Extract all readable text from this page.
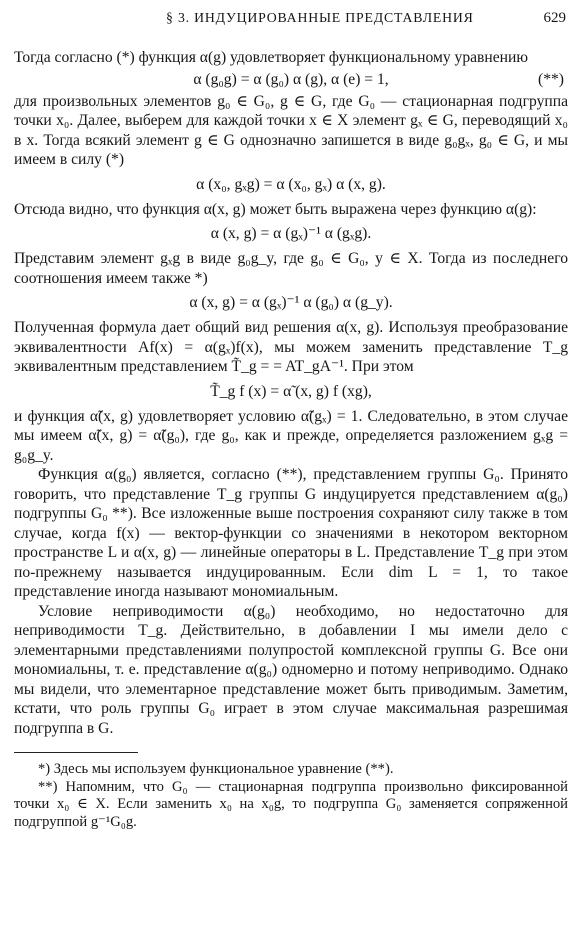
§ 3. ИНДУЦИРОВАННЫЕ ПРЕДСТАВЛЕНИЯ	629

Тогда согласно (*) функция α(g) удовлетворяет функциональному уравнению

α (g₀g) = α (g₀) α (g), α (e) = 1,	(**)

для произвольных элементов g₀ ∈ G₀, g ∈ G, где G₀ — стационарная подгруппа точки x₀. Далее, выберем для каждой точки x ∈ X элемент gₓ ∈ G, переводящий x₀ в x. Тогда всякий элемент g ∈ G однозначно запишется в виде g₀gₓ, g₀ ∈ G, и мы имеем в силу (*)

α (x₀, gₓg) = α (x₀, gₓ) α (x, g).

Отсюда видно, что функция α(x, g) может быть выражена через функцию α(g):

α (x, g) = α (gₓ)⁻¹ α (gₓg).

Представим элемент gₓg в виде g₀g_y, где g₀ ∈ G₀, y ∈ X. Тогда из последнего соотношения имеем также *)

α (x, g) = α (gₓ)⁻¹ α (g₀) α (g_y).

Полученная формула дает общий вид решения α(x, g). Используя преобразование эквивалентности Af(x) = α(gₓ)f(x), мы можем заменить представление T_g эквивалентным представлением T̃_g = = AT_gA⁻¹. При этом

T̃_g f (x) = α̃ (x, g) f (xg),

и функция α̃(x, g) удовлетворяет условию α̃(gₓ) = 1. Следовательно, в этом случае мы имеем α̃(x, g) = α̃(g₀), где g₀, как и прежде, определяется разложением gₓg = g₀g_y.

Функция α(g₀) является, согласно (**), представлением группы G₀. Принято говорить, что представление T_g группы G индуцируется представлением α(g₀) подгруппы G₀ **). Все изложенные выше построения сохраняют силу также в том случае, когда f(x) — вектор-функции со значениями в некотором векторном пространстве L и α(x, g) — линейные операторы в L. Представление T_g при этом по-прежнему называется индуцированным. Если dim L = 1, то такое представление иногда называют мономиальным.

Условие неприводимости α(g₀) необходимо, но недостаточно для неприводимости T_g. Действительно, в добавлении I мы имели дело с элементарными представлениями полупростой комплексной группы G. Все они мономиальны, т. е. представление α(g₀) одномерно и потому неприводимо. Однако мы видели, что элементарное представление может быть приводимым. Заметим, кстати, что роль группы G₀ играет в этом случае максимальная разрешимая подгруппа в G.

*) Здесь мы используем функциональное уравнение (**).

**) Напомним, что G₀ — стационарная подгруппа произвольно фиксированной точки x₀ ∈ X. Если заменить x₀ на x₀g, то подгруппа G₀ заменяется сопряженной подгруппой g⁻¹G₀g.
